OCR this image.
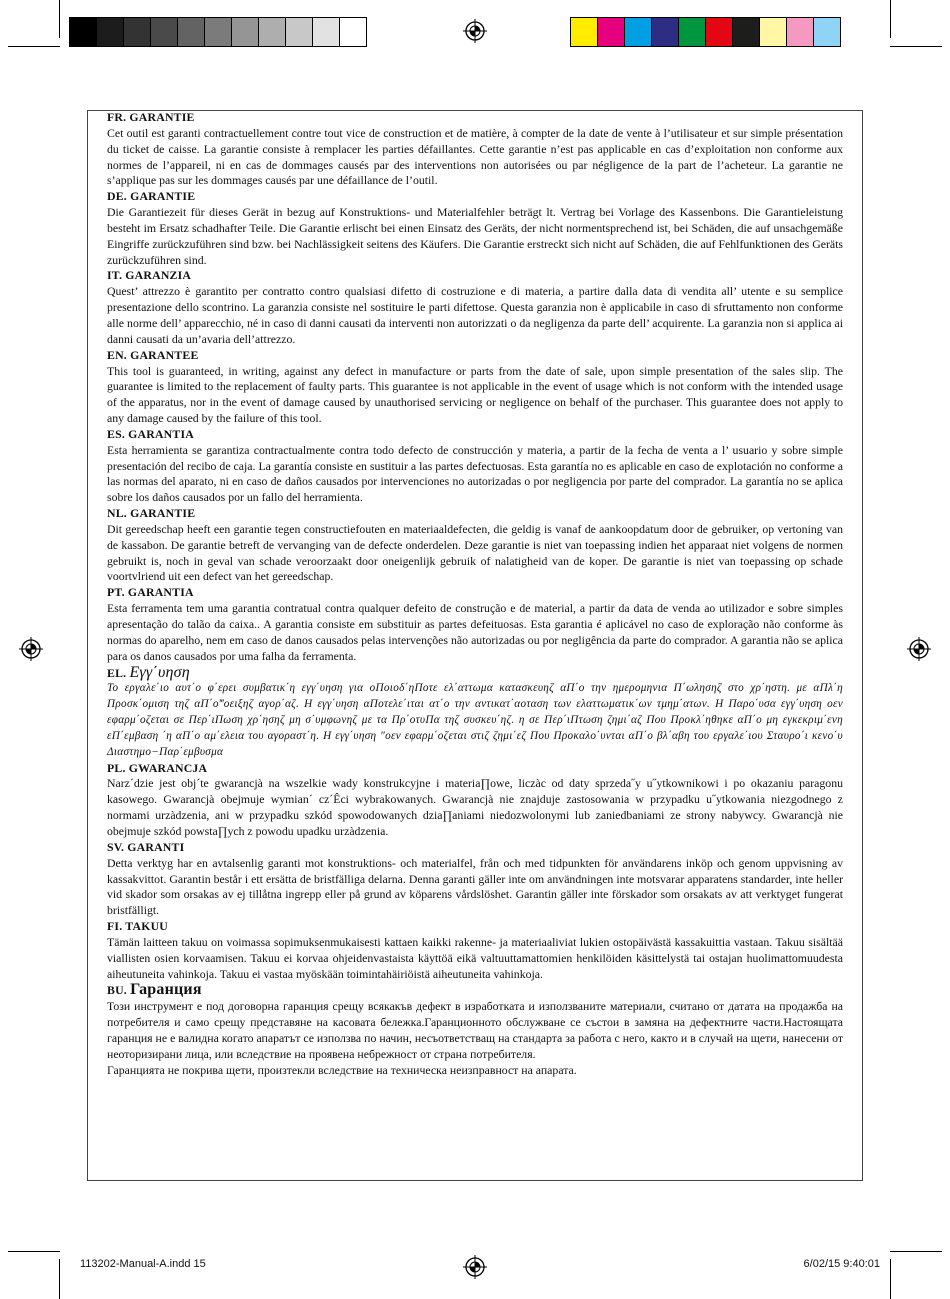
FR. GARANTIE

Cet outil est garanti contractuellement contre tout vice de construction et de matière, à compter de la date de vente à l’utilisateur et sur simple présentation du ticket de caisse. La garantie consiste à remplacer les parties défaillantes. Cette garantie n’est pas applicable en cas d’exploitation non conforme aux normes de l’appareil, ni en cas de dommages causés par des interventions non autorisées ou par négligence de la part de l’acheteur. La garantie ne s’applique pas sur les dommages causés par une défaillance de l’outil.

DE. GARANTIE

Die Garantiezeit für dieses Gerät in bezug auf Konstruktions- und Materialfehler beträgt lt. Vertrag bei Vorlage des Kassenbons. Die Garantieleistung besteht im Ersatz schadhafter Teile. Die Garantie erlischt bei einen Einsatz des Geräts, der nicht normentsprechend ist, bei Schäden, die auf unsachgemäße Eingriffe zurückzuführen sind bzw. bei Nachlässigkeit seitens des Käufers. Die Garantie erstreckt sich nicht auf Schäden, die auf Fehlfunktionen des Geräts zurückzuführen sind.

IT. GARANZIA

Quest’ attrezzo è garantito per contratto contro qualsiasi difetto di costruzione e di materia, a partire dalla data di vendita all’ utente e su semplice presentazione dello scontrino. La garanzia consiste nel sostituire le parti difettose. Questa garanzia non è applicabile in caso di sfruttamento non conforme alle norme dell’ apparecchio, né in caso di danni causati da interventi non autorizzati o da negligenza da parte dell’ acquirente. La garanzia non si applica ai danni causati da un’avaria dell’attrezzo.

EN. GARANTEE

This tool is guaranteed, in writing, against any defect in manufacture or parts from the date of sale, upon simple presentation of the sales slip. The guarantee is limited to the replacement of faulty parts. This guarantee is not applicable in the event of usage which is not conform with the intended usage of the apparatus, nor in the event of damage caused by unauthorised servicing or negligence on behalf of the purchaser. This guarantee does not apply to any damage caused by the failure of this tool.

ES. GARANTIA

Esta herramienta se garantiza contractualmente contra todo defecto de construcción y materia, a partir de la fecha de venta a l’ usuario y sobre simple presentación del recibo de caja. La garantía consiste en sustituir a las partes defectuosas. Esta garantía no es aplicable en caso de explotación no conforme a las normas del aparato, ni en caso de daños causados por intervenciones no autorizadas o por negligencia por parte del comprador. La garantía no se aplica sobre los daños causados por un fallo del herramienta.

NL. GARANTIE

Dit gereedschap heeft een garantie tegen constructiefouten en materiaaldefecten, die geldig is vanaf de aankoopdatum door de gebruiker, op vertoning van de kassabon. De garantie betreft de vervanging van de defecte onderdelen. Deze garantie is niet van toepassing indien het apparaat niet volgens de normen gebruikt is, noch in geval van schade veroorzaakt door oneigenlijk gebruik of nalatigheid van de koper. De garantie is niet van toepassing op schade voortvlriend uit een defect van het gereedschap.

PT. GARANTIA

Esta ferramenta tem uma garantia contratual contra qualquer defeito de construção e de material, a partir da data de venda ao utilizador e sobre simples apresentação do talão da caixa.. A garantia consiste em substituir as partes defeituosas. Esta garantia é aplicável no caso de exploração não conforme às normas do aparelho, nem em caso de danos causados pelas intervenções não autorizadas ou por negligência da parte do comprador. A garantia não se aplica para os danos causados por uma falha da ferramenta.

EL. Εγγ΄υηση

Το εργαλε΄ιο αυτ΄ο φ΄ερει συμβατικ΄η εγγ΄υηση για οΠοιοδ΄ηΠοτε ελ΄αττωμα κατασκευηζ αΠ΄ο την ημερομηνια Π΄ωλησηζ στο χρ΄ηστη. με αΠλ΄η Προσκ΄ομιση τηζ αΠ΄ο‴οειξηζ αγορ΄αζ. Η εγγ΄υηση αΠοτελε΄ιται ατ΄ο την αντικατ΄αοταση των ελαττωματικ΄ων τμημ΄ατων. Η Παρο΄υσα εγγ΄υηση οεν εφαρμ΄οζεται σε Περ΄ιΠωση χρ΄ησηζ μη σ΄υμφωνηζ με τα Πρ΄οτυΠα τηζ συσκευ΄ηζ. η σε Περ΄ιΠτωση ζημι΄αζ Που Προκλ΄ηθηκε αΠ΄ο μη εγκεκριμ΄ενη εΠ΄εμβαση ΄η αΠ΄ο αμ΄ελεια του αγοραστ΄η. Η εγγ΄υηση ″οεν εφαρμ΄οζεται στιζ ζημι΄εζ Που Προκαλο΄υνται αΠ΄ο βλ΄αβη του εργαλε΄ιου Σταυρο΄ι κενο΄υ Διαστημο−Παρ΄εμβυσμα

PL. GWARANCJA

Narz´dzie jest obj´te gwarancjà na wszelkie wady konstrukcyjne i materia∏owe, liczàc od daty sprzeda˝y u˝ytkownikowi i po okazaniu paragonu kasowego. Gwarancjà obejmuje wymian´ cz´Êci wybrakowanych. Gwarancjà nie znajduje zastosowania w przypadku u˝ytkowania niezgodnego z normami urzàdzenia, ani w przypadku szkód spowodowanych dzia∏aniami niedozwolonymi lub zaniedbaniami ze strony nabywcy. Gwarancjà nie obejmuje szkód powsta∏ych z powodu upadku urzàdzenia.

SV. GARANTI

Detta verktyg har en avtalsenlig garanti mot konstruktions- och materialfel, från och med tidpunkten för användarens inköp och genom uppvisning av kassakvittot. Garantin består i ett ersätta de bristfälliga delarna. Denna garanti gäller inte om användningen inte motsvarar apparatens standarder, inte heller vid skador som orsakas av ej tillåtna ingrepp eller på grund av köparens vårdslöshet. Garantin gäller inte förskador som orsakats av att verktyget fungerat bristfälligt.

FI. TAKUU

Tämän laitteen takuu on voimassa sopimuksenmukaisesti kattaen kaikki rakenne- ja materiaaliviat lukien ostopäivästä kassakuittia vastaan. Takuu sisältää viallisten osien korvaamisen. Takuu ei korvaa ohjeidenvastaista käyttöä eikä valtuuttamattomien henkilöiden käsittelystä tai ostajan huolimattomuudesta aiheutuneita vahinkoja. Takuu ei vastaa myöskään toimintahäiriöistä aiheutuneita vahinkoja.

BU. Гаранция

Този инструмент е под договорна гаранция срещу всякакъв дефект в изработката и използваните материали, считано от датата на продажба на потребителя и само срещу представяне на касовата бележка.Гаранционното обслужване се състои в замяна на дефектните части.Настоящата гаранция не е валидна когато апаратът се използва по начин, несъответстващ на стандарта за работа с него, както и в случай на щети, нанесени от неоторизирани лица, или вследствие на проявена небрежност от страна потребителя.

Гаранцията не покрива щети, произтекли вследствие на техническа неизправност на апарата.

113202-Manual-A.indd 15	6/02/15 9:40:01
